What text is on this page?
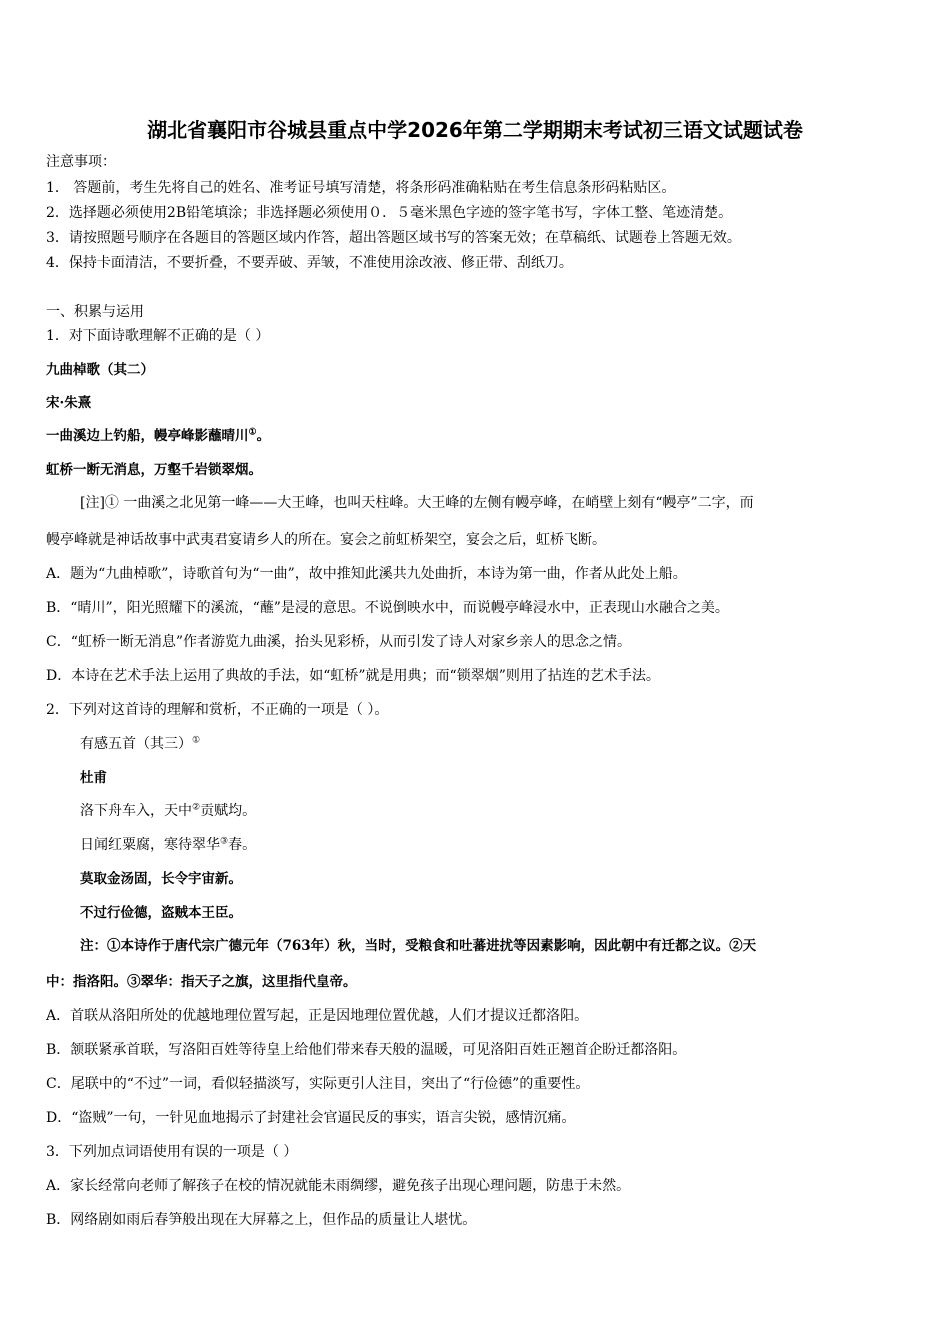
湖北省襄阳市谷城县重点中学2026年第二学期期末考试初三语文试题试卷
注意事项：
1． 答题前，考生先将自己的姓名、准考证号填写清楚，将条形码准确粘贴在考生信息条形码粘贴区。
2．选择题必须使用2B铅笔填涂；非选择题必须使用０．５毫米黑色字迹的签字笔书写，字体工整、笔迹清楚。
3．请按照题号顺序在各题目的答题区域内作答，超出答题区域书写的答案无效；在草稿纸、试题卷上答题无效。
4．保持卡面清洁，不要折叠，不要弄破、弄皱，不准使用涂改液、修正带、刮纸刀。
一、积累与运用
1．对下面诗歌理解不正确的是（ ）
九曲棹歌（其二）
宋·朱熹
一曲溪边上钓船，幔亭峰影蘸晴川①。
虹桥一断无消息，万壑千岩锁翠烟。
[注]① 一曲溪之北见第一峰——大王峰，也叫天柱峰。大王峰的左侧有幔亭峰，在峭壁上刻有“幔亭”二字，而
幔亭峰就是神话故事中武夷君宴请乡人的所在。宴会之前虹桥架空，宴会之后，虹桥飞断。
A．题为“九曲棹歌”，诗歌首句为“一曲”，故中推知此溪共九处曲折，本诗为第一曲，作者从此处上船。
B．“晴川”，阳光照耀下的溪流，“蘸”是浸的意思。不说倒映水中，而说幔亭峰浸水中，正表现山水融合之美。
C．“虹桥一断无消息”作者游览九曲溪，抬头见彩桥，从而引发了诗人对家乡亲人的思念之情。
D．本诗在艺术手法上运用了典故的手法，如“虹桥”就是用典；而“锁翠烟”则用了拈连的艺术手法。
2．下列对这首诗的理解和赏析，不正确的一项是（ ）。
有感五首（其三）①
杜甫
洛下舟车入，天中②贡赋均。
日闻红粟腐，寒待翠华③春。
莫取金汤固，长令宇宙新。
不过行俭德，盗贼本王臣。
注：①本诗作于唐代宗广德元年（763年）秋，当时，受粮食和吐蕃进扰等因素影响，因此朝中有迁都之议。②天
中：指洛阳。③翠华：指天子之旗，这里指代皇帝。
A．首联从洛阳所处的优越地理位置写起，正是因地理位置优越，人们才提议迁都洛阳。
B．颔联紧承首联，写洛阳百姓等待皇上给他们带来春天般的温暖，可见洛阳百姓正翘首企盼迁都洛阳。
C．尾联中的“不过”一词，看似轻描淡写，实际更引人注目，突出了“行俭德”的重要性。
D．“盗贼”一句，一针见血地揭示了封建社会官逼民反的事实，语言尖锐，感情沉痛。
3．下列加点词语使用有误的一项是（ ）
A．家长经常向老师了解孩子在校的情况就能未雨绸缪，避免孩子出现心理问题，防患于未然。
B．网络剧如雨后春笋般出现在大屏幕之上，但作品的质量让人堪忧。
